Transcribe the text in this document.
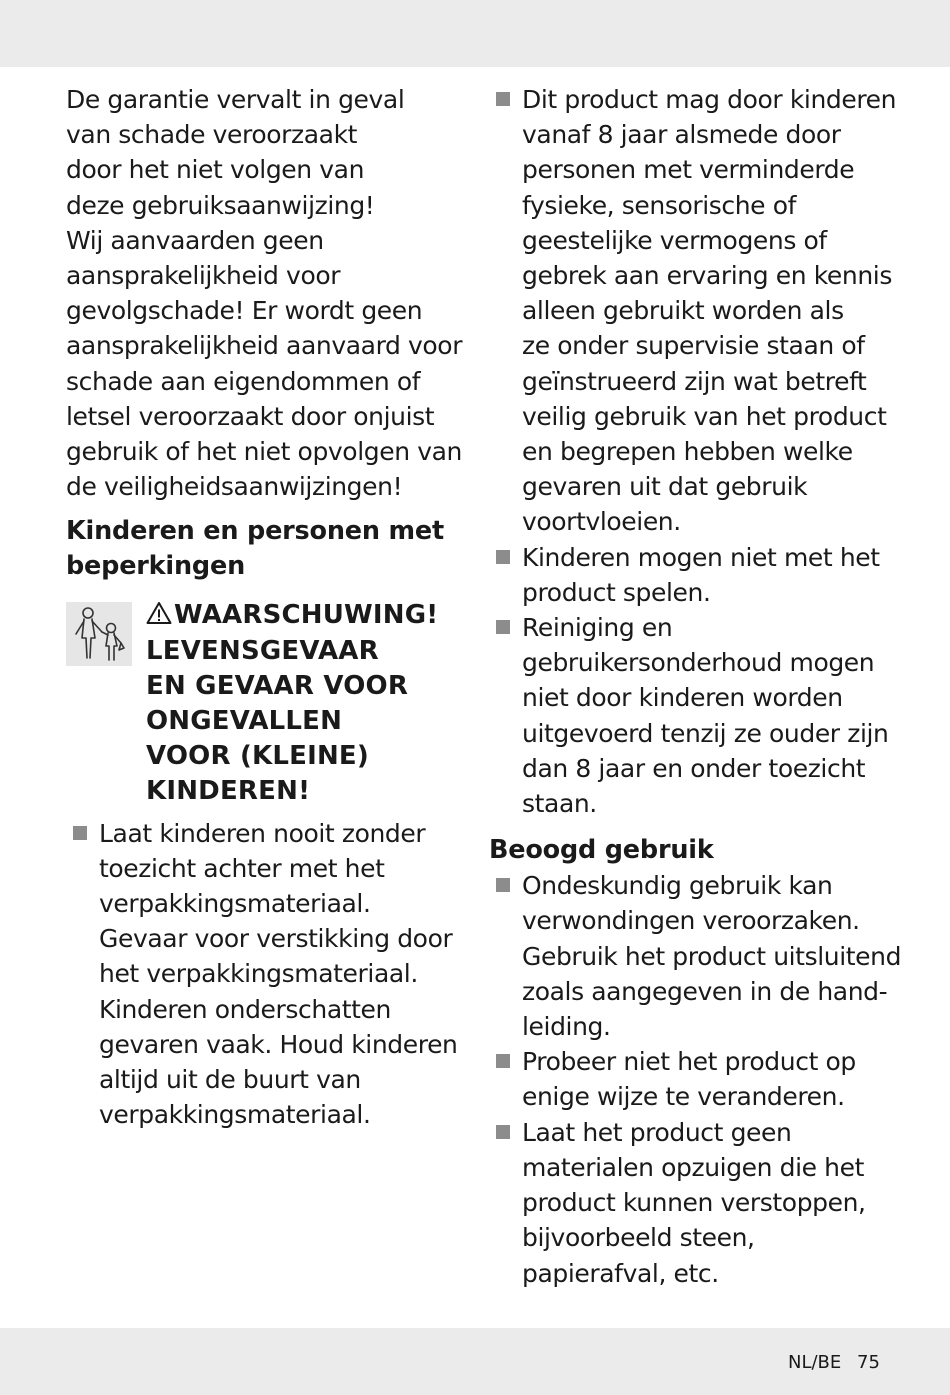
De garantie vervalt in geval
van schade veroorzaakt
door het niet volgen van
deze gebruiksaanwijzing!
Wij aanvaarden geen
aansprakelijkheid voor
gevolgschade! Er wordt geen
aansprakelijkheid aanvaard voor
schade aan eigendommen of
letsel veroorzaakt door onjuist
gebruik of het niet opvolgen van
de veiligheidsaanwijzingen!
Kinderen en personen met
beperkingen
WAARSCHUWING!
LEVENSGEVAAR
EN GEVAAR VOOR
ONGEVALLEN
VOOR (KLEINE)
KINDEREN!
Laat kinderen nooit zonder
toezicht achter met het
verpakkingsmateriaal.
Gevaar voor verstikking door
het verpakkingsmateriaal.
Kinderen onderschatten
gevaren vaak. Houd kinderen
altijd uit de buurt van
verpakkingsmateriaal.
Dit product mag door kinderen
vanaf 8 jaar alsmede door
personen met verminderde
fysieke, sensorische of
geestelijke vermogens of
gebrek aan ervaring en kennis
alleen gebruikt worden als
ze onder supervisie staan of
geïnstrueerd zijn wat betreft
veilig gebruik van het product
en begrepen hebben welke
gevaren uit dat gebruik
voortvloeien.
Kinderen mogen niet met het
product spelen.
Reiniging en
gebruikersonderhoud mogen
niet door kinderen worden
uitgevoerd tenzij ze ouder zijn
dan 8 jaar en onder toezicht
staan.
Beoogd gebruik
Ondeskundig gebruik kan
verwondingen veroorzaken.
Gebruik het product uitsluitend
zoals aangegeven in de hand-
leiding.
Probeer niet het product op
enige wijze te veranderen.
Laat het product geen
materialen opzuigen die het
product kunnen verstoppen,
bijvoorbeeld steen,
papierafval, etc.
NL/BE 75
